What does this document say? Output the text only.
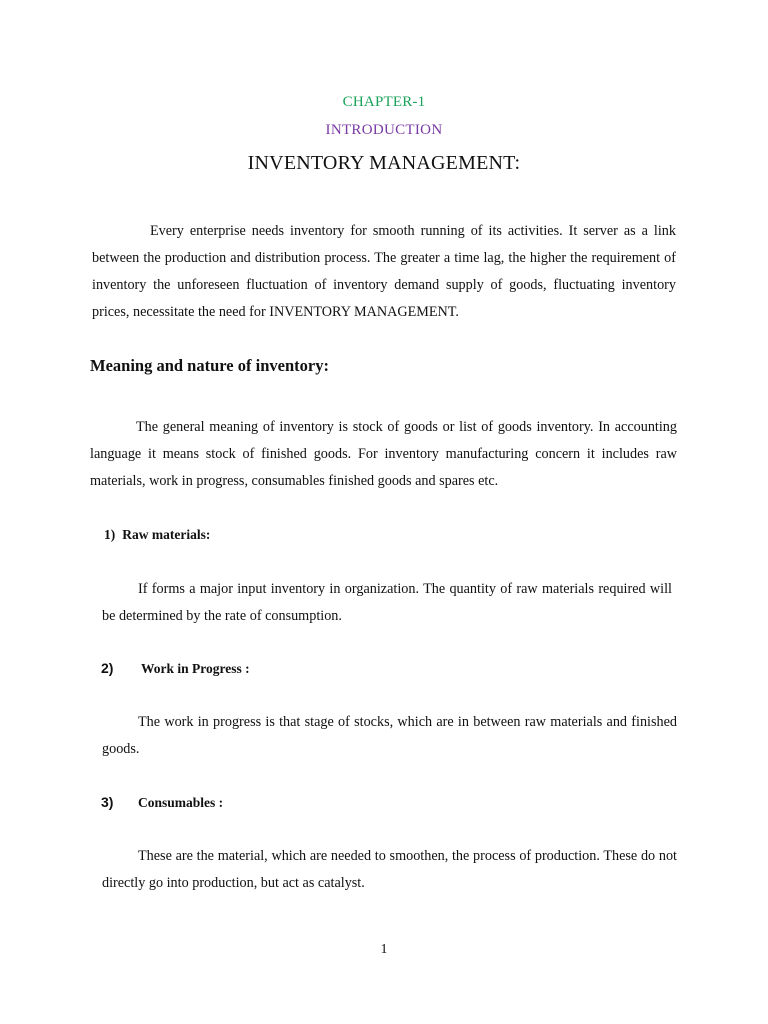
CHAPTER-1

INTRODUCTION

INVENTORY MANAGEMENT:

Every enterprise needs inventory for smooth running of its activities. It server as a link between the production and distribution process. The greater a time lag, the higher the requirement of inventory the unforeseen fluctuation of inventory demand supply of goods, fluctuating inventory prices, necessitate the need for INVENTORY MANAGEMENT.

Meaning and nature of inventory:

The general meaning of inventory is stock of goods or list of goods inventory. In accounting language it means stock of finished goods. For inventory manufacturing concern it includes raw materials, work in progress, consumables finished goods and spares etc.

1) Raw materials:

If forms a major input inventory in organization. The quantity of raw materials required will be determined by the rate of consumption.

2) Work in Progress :

The work in progress is that stage of stocks, which are in between raw materials and finished goods.

3) Consumables :

These are the material, which are needed to smoothen, the process of production. These do not directly go into production, but act as catalyst.

1
